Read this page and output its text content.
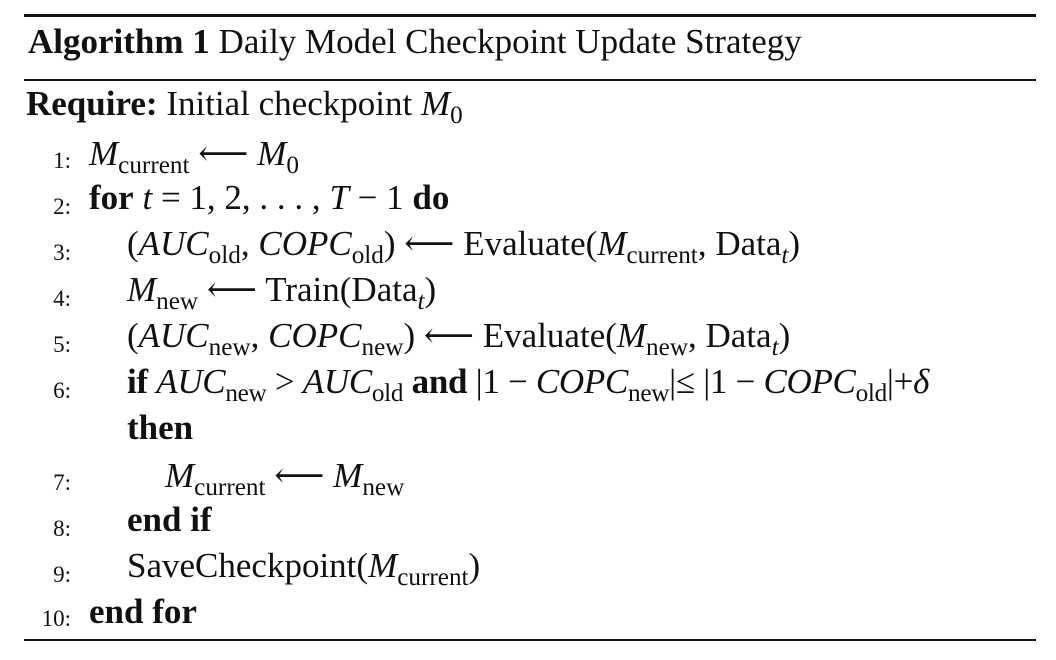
Algorithm 1 Daily Model Checkpoint Update Strategy
Require: Initial checkpoint $M_0$
1: $M_{current}$ ⟵ $M_0$
2: for t = 1, 2, . . . , T − 1 do
3: ($AUC_{old}$, $COPC_{old}$) ⟵ $Evaluate(M_{current}$, Data$_t$)
4: $M_{new}$ ⟵ Train(Data$_t$)
5: ($AUC_{new}$, $COPC_{new}$) ⟵ $Evaluate(M_{new}$, Data$_t$)
6: if $AUC_{new} > AUC_{old}$ and $|1 - COPC_{new}|\le |1$ − $COPC_{old}|+\delta$
then
7:	$M_{current}$ ⟵ $M_{new}$
8: end if
9: $SaveCheckpoint(M_{current})$
10: end for
